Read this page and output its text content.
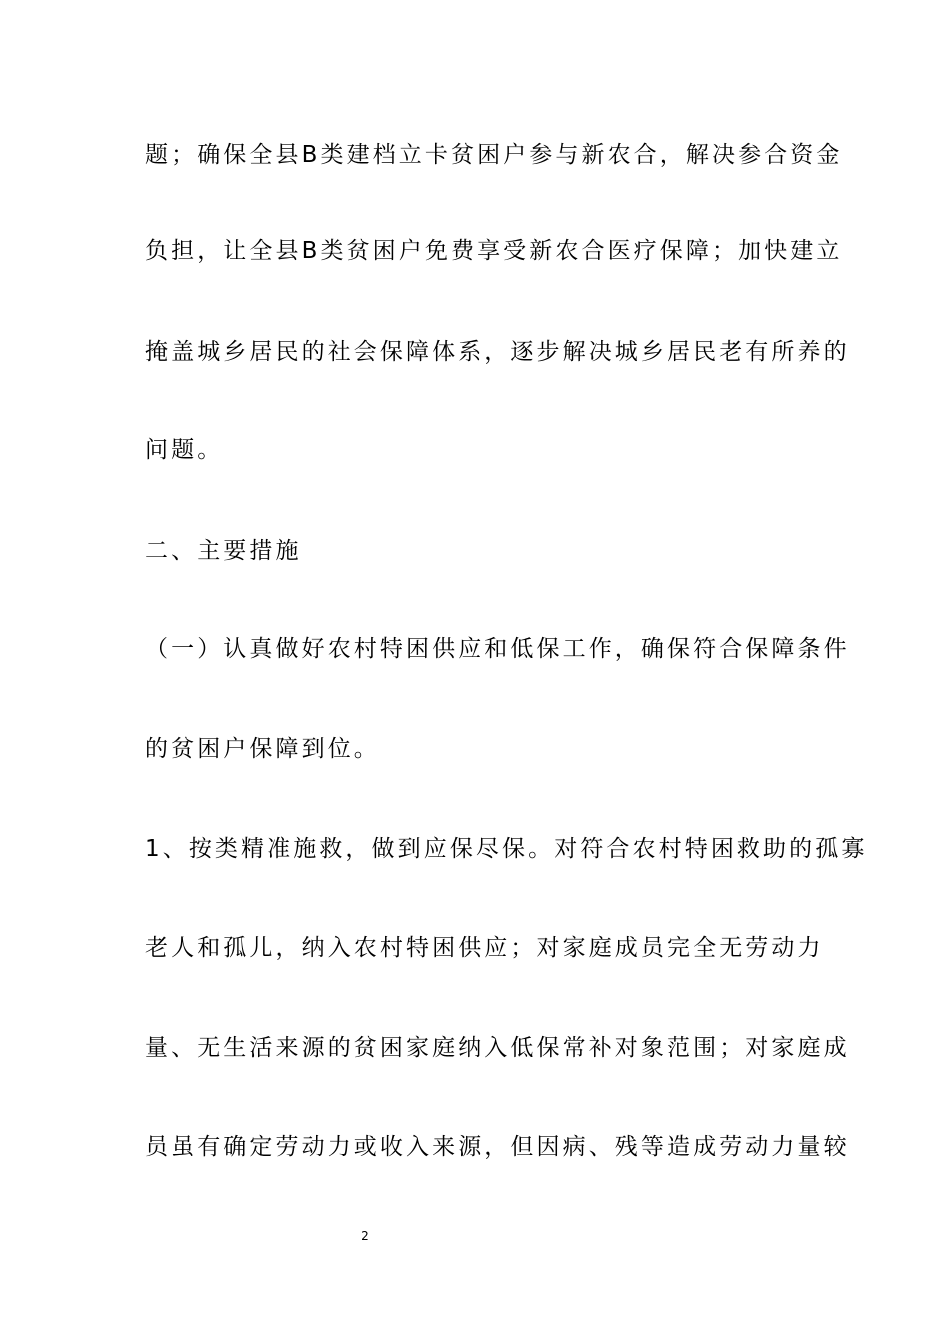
题；确保全县B类建档立卡贫困户参与新农合，解决参合资金
负担，让全县B类贫困户免费享受新农合医疗保障；加快建立
掩盖城乡居民的社会保障体系，逐步解决城乡居民老有所养的
问题。
二、主要措施
（一）认真做好农村特困供应和低保工作，确保符合保障条件
的贫困户保障到位。
1、按类精准施救，做到应保尽保。对符合农村特困救助的孤寡
老人和孤儿，纳入农村特困供应；对家庭成员完全无劳动力
量、无生活来源的贫困家庭纳入低保常补对象范围；对家庭成
员虽有确定劳动力或收入来源，但因病、残等造成劳动力量较
2
